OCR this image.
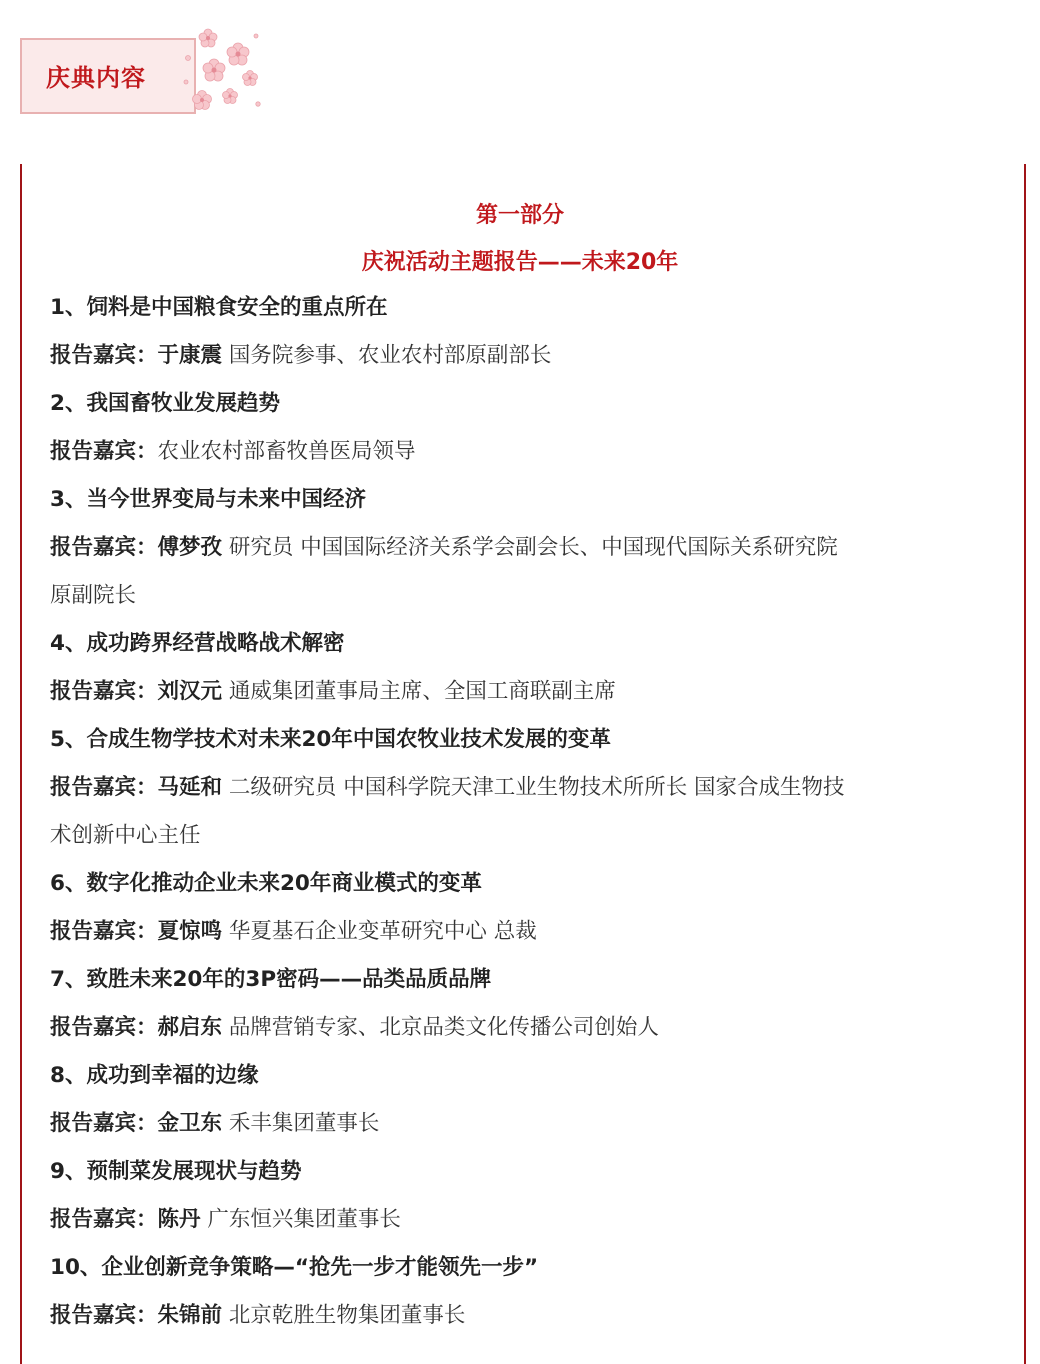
庆典内容
第一部分
庆祝活动主题报告——未来20年
1、饲料是中国粮食安全的重点所在
报告嘉宾：于康震 国务院参事、农业农村部原副部长
2、我国畜牧业发展趋势
报告嘉宾：农业农村部畜牧兽医局领导
3、当今世界变局与未来中国经济
报告嘉宾：傅梦孜 研究员 中国国际经济关系学会副会长、中国现代国际关系研究院
原副院长
4、成功跨界经营战略战术解密
报告嘉宾：刘汉元 通威集团董事局主席、全国工商联副主席
5、合成生物学技术对未来20年中国农牧业技术发展的变革
报告嘉宾：马延和 二级研究员 中国科学院天津工业生物技术所所长 国家合成生物技
术创新中心主任
6、数字化推动企业未来20年商业模式的变革
报告嘉宾：夏惊鸣 华夏基石企业变革研究中心 总裁
7、致胜未来20年的3P密码——品类品质品牌
报告嘉宾：郝启东 品牌营销专家、北京品类文化传播公司创始人
8、成功到幸福的边缘
报告嘉宾：金卫东 禾丰集团董事长
9、预制菜发展现状与趋势
报告嘉宾：陈丹 广东恒兴集团董事长
10、企业创新竞争策略—“抢先一步才能领先一步”
报告嘉宾：朱锦前 北京乾胜生物集团董事长
